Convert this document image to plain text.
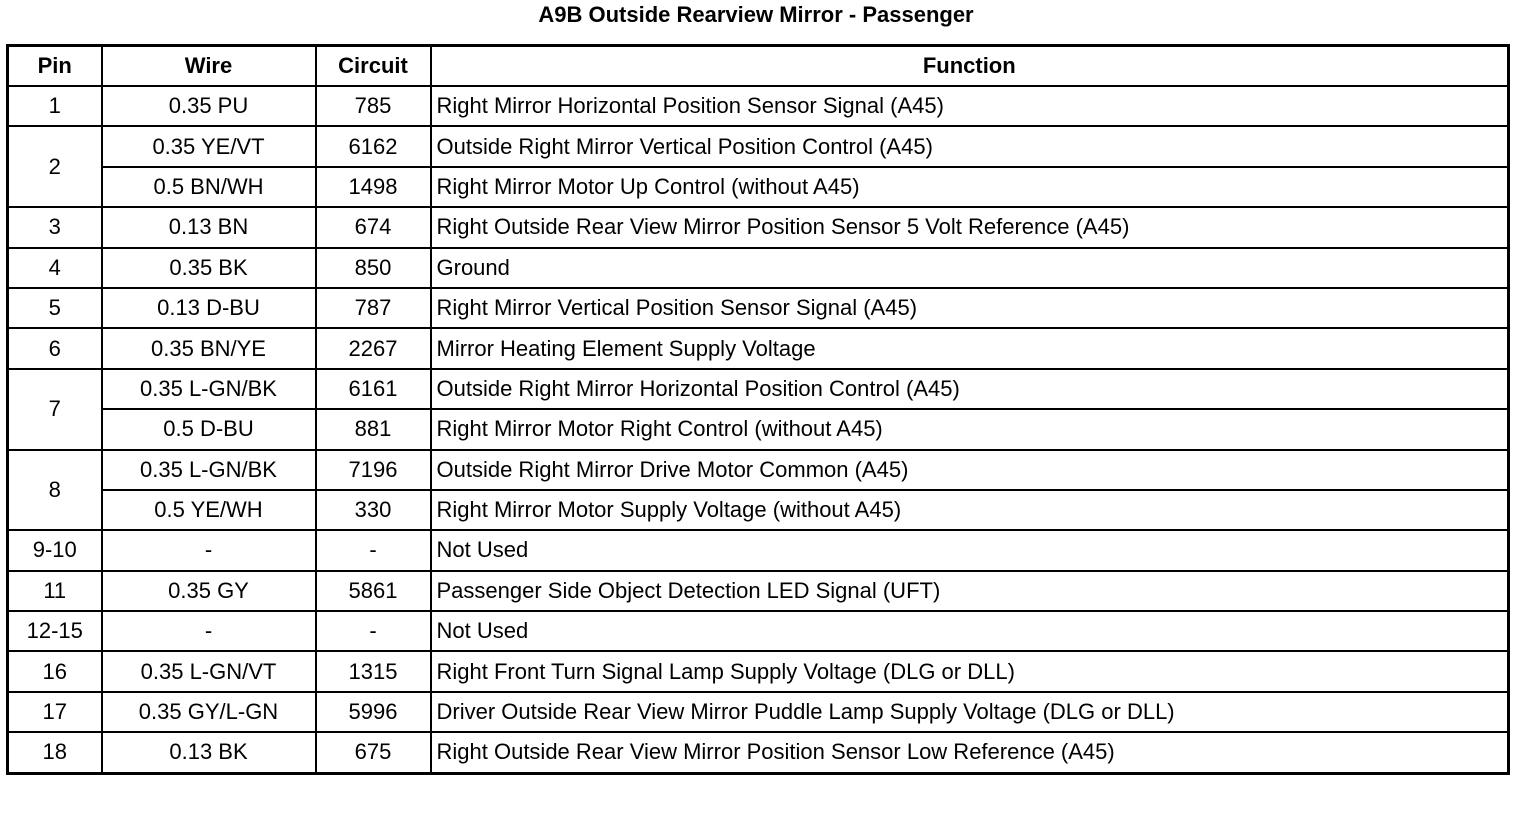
A9B Outside Rearview Mirror - Passenger
Pin	Wire	Circuit	Function
1	0.35 PU	785	Right Mirror Horizontal Position Sensor Signal (A45)
2	0.35 YE/VT	6162	Outside Right Mirror Vertical Position Control (A45)
	0.5 BN/WH	1498	Right Mirror Motor Up Control (without A45)
3	0.13 BN	674	Right Outside Rear View Mirror Position Sensor 5 Volt Reference (A45)
4	0.35 BK	850	Ground
5	0.13 D-BU	787	Right Mirror Vertical Position Sensor Signal (A45)
6	0.35 BN/YE	2267	Mirror Heating Element Supply Voltage
7	0.35 L-GN/BK	6161	Outside Right Mirror Horizontal Position Control (A45)
	0.5 D-BU	881	Right Mirror Motor Right Control (without A45)
8	0.35 L-GN/BK	7196	Outside Right Mirror Drive Motor Common (A45)
	0.5 YE/WH	330	Right Mirror Motor Supply Voltage (without A45)
9-10	-	-	Not Used
11	0.35 GY	5861	Passenger Side Object Detection LED Signal (UFT)
12-15	-	-	Not Used
16	0.35 L-GN/VT	1315	Right Front Turn Signal Lamp Supply Voltage (DLG or DLL)
17	0.35 GY/L-GN	5996	Driver Outside Rear View Mirror Puddle Lamp Supply Voltage (DLG or DLL)
18	0.13 BK	675	Right Outside Rear View Mirror Position Sensor Low Reference (A45)
